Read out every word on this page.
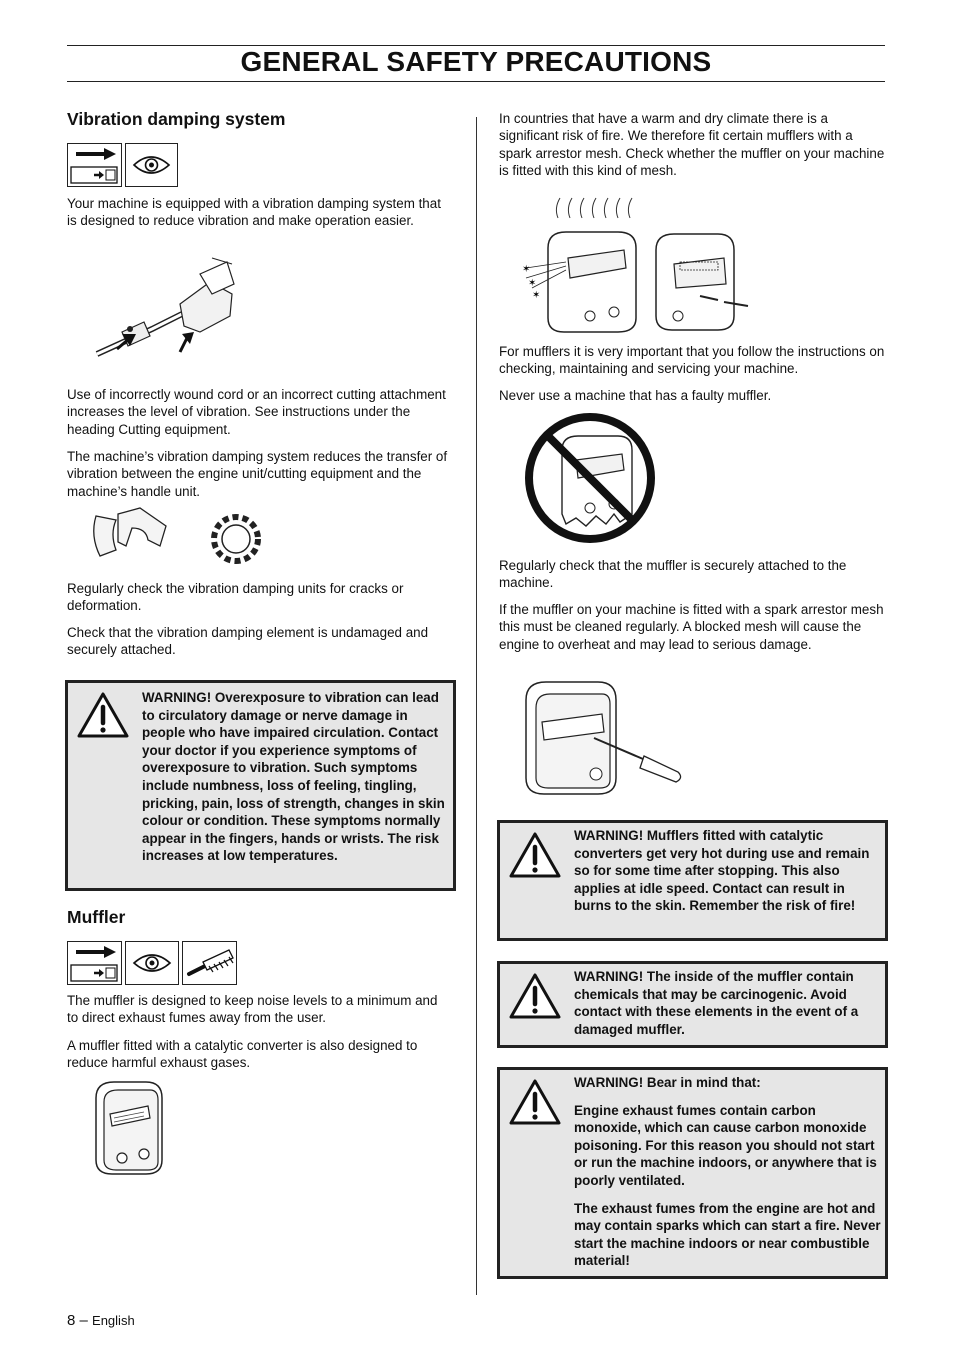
GENERAL SAFETY PRECAUTIONS
Vibration damping system

Your machine is equipped with a vibration damping system that is designed to reduce vibration and make operation easier.

Use of incorrectly wound cord or an incorrect cutting attachment increases the level of vibration. See instructions under the heading Cutting equipment.

The machine’s vibration damping system reduces the transfer of vibration between the engine unit/cutting equipment and the machine’s handle unit.

Regularly check the vibration damping units for cracks or deformation.

Check that the vibration damping element is undamaged and securely attached.

WARNING! Overexposure to vibration can lead to circulatory damage or nerve damage in people who have impaired circulation. Contact your doctor if you experience symptoms of overexposure to vibration. Such symptoms include numbness, loss of feeling, tingling, pricking, pain, loss of strength, changes in skin colour or condition. These symptoms normally appear in the fingers, hands or wrists. The risk increases at low temperatures.
Muffler

The muffler is designed to keep noise levels to a minimum and to direct exhaust fumes away from the user.

A muffler fitted with a catalytic converter is also designed to reduce harmful exhaust gases.

In countries that have a warm and dry climate there is a significant risk of fire. We therefore fit certain mufflers with a spark arrestor mesh. Check whether the muffler on your machine is fitted with this kind of mesh.

✶
✶
✶

For mufflers it is very important that you follow the instructions on checking, maintaining and servicing your machine.

Never use a machine that has a faulty muffler.

Regularly check that the muffler is securely attached to the machine.

If the muffler on your machine is fitted with a spark arrestor mesh this must be cleaned regularly. A blocked mesh will cause the engine to overheat and may lead to serious damage.

WARNING! Mufflers fitted with catalytic converters get very hot during use and remain so for some time after stopping. This also applies at idle speed. Contact can result in burns to the skin. Remember the risk of fire!
WARNING! The inside of the muffler contain chemicals that may be carcinogenic. Avoid contact with these elements in the event of a damaged muffler.
WARNING! Bear in mind that:
Engine exhaust fumes contain carbon monoxide, which can cause carbon monoxide poisoning. For this reason you should not start or run the machine indoors, or anywhere that is poorly ventilated.
The exhaust fumes from the engine are hot and may contain sparks which can start a fire. Never start the machine indoors or near combustible material!
8 – English
